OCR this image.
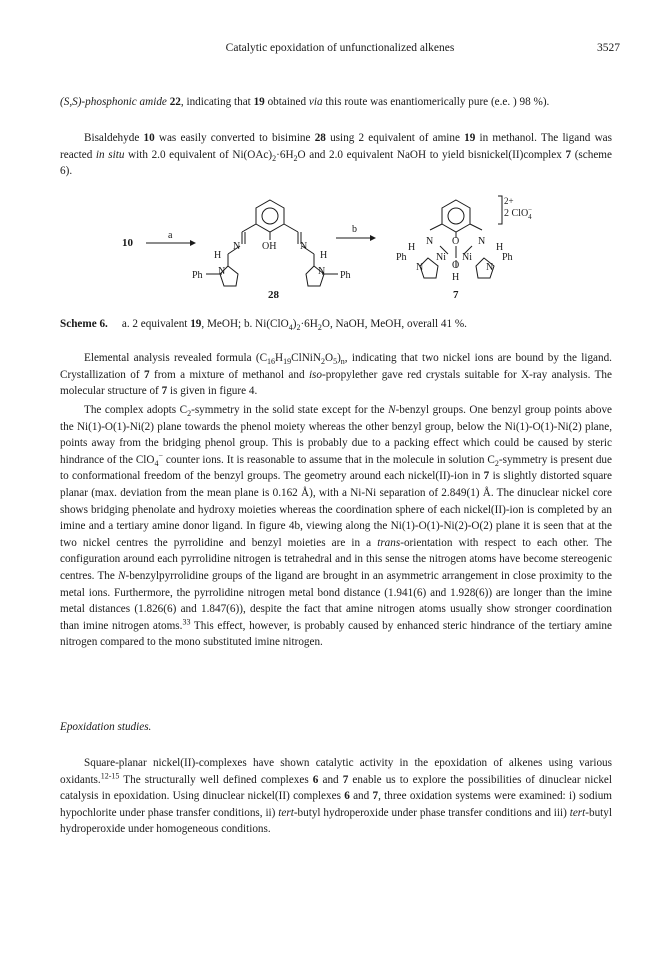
Catalytic epoxidation of unfunctionalized alkenes	3527

(S,S)-phosphonic amide 22, indicating that 19 obtained via this route was enantiomerically pure (e.e. ) 98 %).

Bisaldehyde 10 was easily converted to bisimine 28 using 2 equivalent of amine 19 in methanol. The ligand was reacted in situ with 2.0 equivalent of $Ni(OAc)_2\cdot 6H_2O$ and 2.0 equivalent NaOH to yield bisnickel(II)complex 7 (scheme 6).

10
a
N OH N
H	H
Ph N	N Ph
28
b
2+
2 ClO− 4
N O N
H	H
Ph	Ni Ni	Ph
N	N
O
H
7
Scheme 6. a. 2 equivalent 19, MeOH; b. $Ni(ClO_4)_2\cdot 6H_2O$, NaOH, MeOH, overall 41 %.

Elemental analysis revealed formula $(C_{16}H_{19}ClNiN_2O_5)_n$, indicating that two nickel ions are bound by the ligand. Crystallization of 7 from a mixture of methanol and iso-propylether gave red crystals suitable for X-ray analysis. The molecular structure of 7 is given in figure 4.

The complex adopts $C_2$-symmetry in the solid state except for the N-benzyl groups. One benzyl group points above the Ni(1)-O(1)-Ni(2) plane towards the phenol moiety whereas the other benzyl group, below the Ni(1)-O(1)-Ni(2) plane, points away from the bridging phenol group. This is probably due to a packing effect which could be caused by steric hindrance of the ClO$_4$− counter ions. It is reasonable to assume that in the molecule in solution $C_2$-symmetry is present due to conformational freedom of the benzyl groups. The geometry around each nickel(II)-ion in 7 is slightly distorted square planar (max. deviation from the mean plane is 0.162 Å), with a Ni-Ni separation of 2.849(1) Å. The dinuclear nickel core shows bridging phenolate and hydroxy moieties whereas the coordination sphere of each nickel(II)-ion is completed by an imine and a tertiary amine donor ligand. In figure 4b, viewing along the Ni(1)-O(1)-Ni(2)-O(2) plane it is seen that at the two nickel centres the pyrrolidine and benzyl moieties are in a trans-orientation with respect to each other. The configuration around each pyrrolidine nitrogen is tetrahedral and in this sense the nitrogen atoms have become stereogenic centres. The N-benzylpyrrolidine groups of the ligand are brought in an asymmetric arrangement in close proximity to the metal ions. Furthermore, the pyrrolidine nitrogen metal bond distance (1.941(6) and 1.928(6)) are longer than the imine metal distances (1.826(6) and 1.847(6)), despite the fact that amine nitrogen atoms usually show stronger coordination than imine nitrogen atoms.$^{33}$ This effect, however, is probably caused by enhanced steric hindrance of the tertiary amine nitrogen compared to the mono substituted imine nitrogen.

Epoxidation studies.

Square-planar nickel(II)-complexes have shown catalytic activity in the epoxidation of alkenes using various oxidants.$^{12-15}$ The structurally well defined complexes 6 and 7 enable us to explore the possibilities of dinuclear nickel catalysis in epoxidation. Using dinuclear nickel(II) complexes 6 and 7, three oxidation systems were examined: i) sodium hypochlorite under phase transfer conditions, ii) tert-butyl hydroperoxide under phase transfer conditions and iii) tert-butyl hydroperoxide under homogeneous conditions.
